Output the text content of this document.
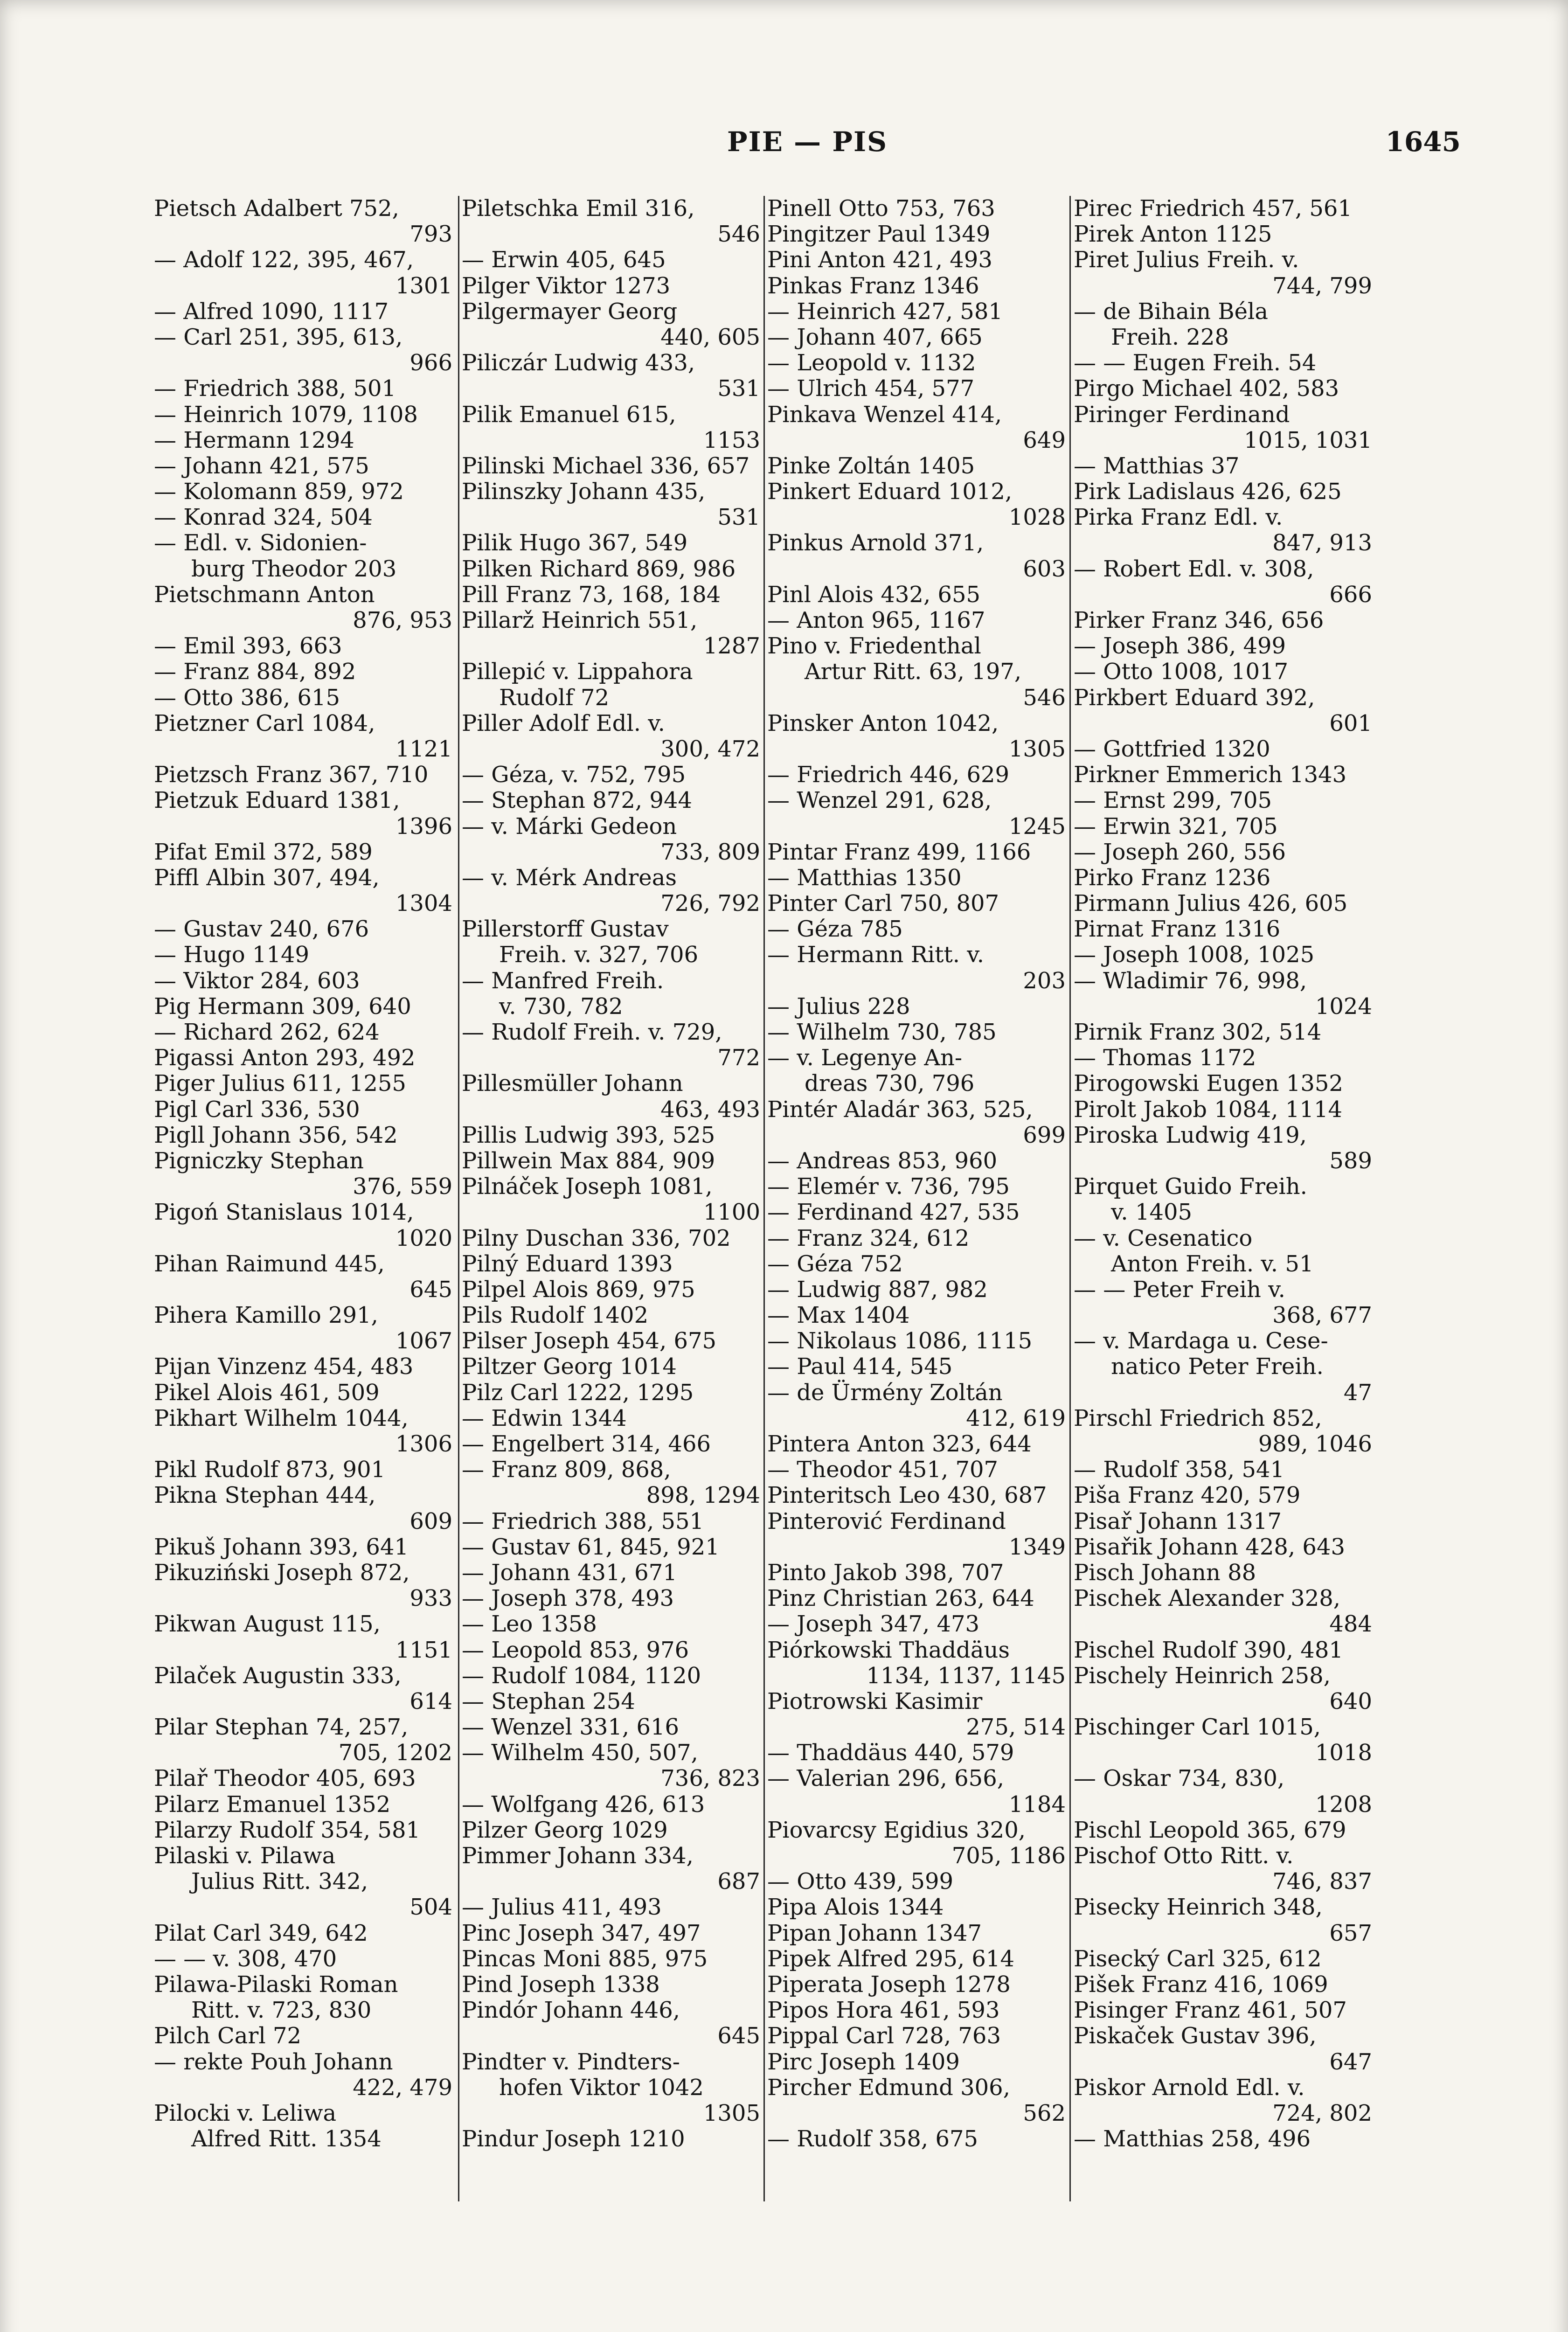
PIE — PIS	1645
Pietsch Adalbert 752,
793
— Adolf 122, 395, 467,
1301
— Alfred 1090, 1117
— Carl 251, 395, 613,
966
— Friedrich 388, 501
— Heinrich 1079, 1108
— Hermann 1294
— Johann 421, 575
— Kolomann 859, 972
— Konrad 324, 504
— Edl. v. Sidonien-
burg Theodor 203
Pietschmann Anton
876, 953
— Emil 393, 663
— Franz 884, 892
— Otto 386, 615
Pietzner Carl 1084,
1121
Pietzsch Franz 367, 710
Pietzuk Eduard 1381,
1396
Pifat Emil 372, 589
Piffl Albin 307, 494,
1304
— Gustav 240, 676
— Hugo 1149
— Viktor 284, 603
Pig Hermann 309, 640
— Richard 262, 624
Pigassi Anton 293, 492
Piger Julius 611, 1255
Pigl Carl 336, 530
Pigll Johann 356, 542
Pigniczky Stephan
376, 559
Pigoń Stanislaus 1014,
1020
Pihan Raimund 445,
645
Pihera Kamillo 291,
1067
Pijan Vinzenz 454, 483
Pikel Alois 461, 509
Pikhart Wilhelm 1044,
1306
Pikl Rudolf 873, 901
Pikna Stephan 444,
609
Pikuš Johann 393, 641
Pikuziński Joseph 872,
933
Pikwan August 115,
1151
Pilaček Augustin 333,
614
Pilar Stephan 74, 257,
705, 1202
Pilař Theodor 405, 693
Pilarz Emanuel 1352
Pilarzy Rudolf 354, 581
Pilaski v. Pilawa
Julius Ritt. 342,
504
Pilat Carl 349, 642
— — v. 308, 470
Pilawa-Pilaski Roman
Ritt. v. 723, 830
Pilch Carl 72
— rekte Pouh Johann
422, 479
Pilocki v. Leliwa
Alfred Ritt. 1354
Piletschka Emil 316,
546
— Erwin 405, 645
Pilger Viktor 1273
Pilgermayer Georg
440, 605
Piliczár Ludwig 433,
531
Pilik Emanuel 615,
1153
Pilinski Michael 336, 657
Pilinszky Johann 435,
531
Pilik Hugo 367, 549
Pilken Richard 869, 986
Pill Franz 73, 168, 184
Pillarž Heinrich 551,
1287
Pillepić v. Lippahora
Rudolf 72
Piller Adolf Edl. v.
300, 472
— Géza, v. 752, 795
— Stephan 872, 944
— v. Márki Gedeon
733, 809
— v. Mérk Andreas
726, 792
Pillerstorff Gustav
Freih. v. 327, 706
— Manfred Freih.
v. 730, 782
— Rudolf Freih. v. 729,
772
Pillesmüller Johann
463, 493
Pillis Ludwig 393, 525
Pillwein Max 884, 909
Pilnáček Joseph 1081,
1100
Pilny Duschan 336, 702
Pilný Eduard 1393
Pilpel Alois 869, 975
Pils Rudolf 1402
Pilser Joseph 454, 675
Piltzer Georg 1014
Pilz Carl 1222, 1295
— Edwin 1344
— Engelbert 314, 466
— Franz 809, 868,
898, 1294
— Friedrich 388, 551
— Gustav 61, 845, 921
— Johann 431, 671
— Joseph 378, 493
— Leo 1358
— Leopold 853, 976
— Rudolf 1084, 1120
— Stephan 254
— Wenzel 331, 616
— Wilhelm 450, 507,
736, 823
— Wolfgang 426, 613
Pilzer Georg 1029
Pimmer Johann 334,
687
— Julius 411, 493
Pinc Joseph 347, 497
Pincas Moni 885, 975
Pind Joseph 1338
Pindór Johann 446,
645
Pindter v. Pindters-
hofen Viktor 1042
1305
Pindur Joseph 1210
Pinell Otto 753, 763
Pingitzer Paul 1349
Pini Anton 421, 493
Pinkas Franz 1346
— Heinrich 427, 581
— Johann 407, 665
— Leopold v. 1132
— Ulrich 454, 577
Pinkava Wenzel 414,
649
Pinke Zoltán 1405
Pinkert Eduard 1012,
1028
Pinkus Arnold 371,
603
Pinl Alois 432, 655
— Anton 965, 1167
Pino v. Friedenthal
Artur Ritt. 63, 197,
546
Pinsker Anton 1042,
1305
— Friedrich 446, 629
— Wenzel 291, 628,
1245
Pintar Franz 499, 1166
— Matthias 1350
Pinter Carl 750, 807
— Géza 785
— Hermann Ritt. v.
203
— Julius 228
— Wilhelm 730, 785
— v. Legenye An-
dreas 730, 796
Pintér Aladár 363, 525,
699
— Andreas 853, 960
— Elemér v. 736, 795
— Ferdinand 427, 535
— Franz 324, 612
— Géza 752
— Ludwig 887, 982
— Max 1404
— Nikolaus 1086, 1115
— Paul 414, 545
— de Ürmény Zoltán
412, 619
Pintera Anton 323, 644
— Theodor 451, 707
Pinteritsch Leo 430, 687
Pinterović Ferdinand
1349
Pinto Jakob 398, 707
Pinz Christian 263, 644
— Joseph 347, 473
Piórkowski Thaddäus
1134, 1137, 1145
Piotrowski Kasimir
275, 514
— Thaddäus 440, 579
— Valerian 296, 656,
1184
Piovarcsy Egidius 320,
705, 1186
— Otto 439, 599
Pipa Alois 1344
Pipan Johann 1347
Pipek Alfred 295, 614
Piperata Joseph 1278
Pipos Hora 461, 593
Pippal Carl 728, 763
Pirc Joseph 1409
Pircher Edmund 306,
562
— Rudolf 358, 675
Pirec Friedrich 457, 561
Pirek Anton 1125
Piret Julius Freih. v.
744, 799
— de Bihain Béla
Freih. 228
— — Eugen Freih. 54
Pirgo Michael 402, 583
Piringer Ferdinand
1015, 1031
— Matthias 37
Pirk Ladislaus 426, 625
Pirka Franz Edl. v.
847, 913
— Robert Edl. v. 308,
666
Pirker Franz 346, 656
— Joseph 386, 499
— Otto 1008, 1017
Pirkbert Eduard 392,
601
— Gottfried 1320
Pirkner Emmerich 1343
— Ernst 299, 705
— Erwin 321, 705
— Joseph 260, 556
Pirko Franz 1236
Pirmann Julius 426, 605
Pirnat Franz 1316
— Joseph 1008, 1025
— Wladimir 76, 998,
1024
Pirnik Franz 302, 514
— Thomas 1172
Pirogowski Eugen 1352
Pirolt Jakob 1084, 1114
Piroska Ludwig 419,
589
Pirquet Guido Freih.
v. 1405
— v. Cesenatico
Anton Freih. v. 51
— — Peter Freih v.
368, 677
— v. Mardaga u. Cese-
natico Peter Freih.
47
Pirschl Friedrich 852,
989, 1046
— Rudolf 358, 541
Piša Franz 420, 579
Pisař Johann 1317
Pisařik Johann 428, 643
Pisch Johann 88
Pischek Alexander 328,
484
Pischel Rudolf 390, 481
Pischely Heinrich 258,
640
Pischinger Carl 1015,
1018
— Oskar 734, 830,
1208
Pischl Leopold 365, 679
Pischof Otto Ritt. v.
746, 837
Pisecky Heinrich 348,
657
Pisecký Carl 325, 612
Pišek Franz 416, 1069
Pisinger Franz 461, 507
Piskaček Gustav 396,
647
Piskor Arnold Edl. v.
724, 802
— Matthias 258, 496
